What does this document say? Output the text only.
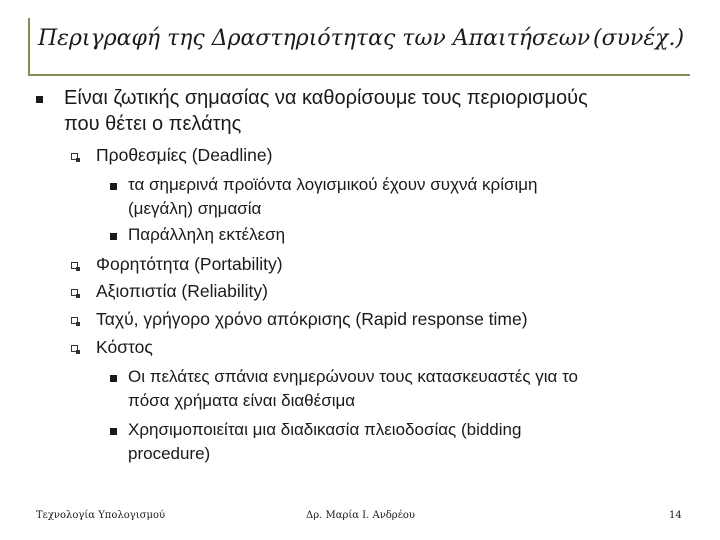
Περιγραφή της Δραστηριότητας των Απαιτήσεων (συνέχ.)
Είναι ζωτικής σημασίας να καθορίσουμε τους περιορισμούς
που θέτει ο πελάτης
Προθεσμίες (Deadline)
τα σημερινά προϊόντα λογισμικού έχουν συχνά κρίσιμη
(μεγάλη) σημασία
Παράλληλη εκτέλεση
Φορητότητα (Portability)
Αξιοπιστία (Reliability)
Ταχύ, γρήγορο χρόνο απόκρισης (Rapid response time)
Κόστος
Οι πελάτες σπάνια ενημερώνουν τους κατασκευαστές για το
πόσα χρήματα είναι διαθέσιμα
Χρησιμοποιείται μια διαδικασία πλειοδοσίας (bidding
procedure)
Τεχνολογία Υπολογισμού	Δρ. Μαρία Ι. Ανδρέου	14
